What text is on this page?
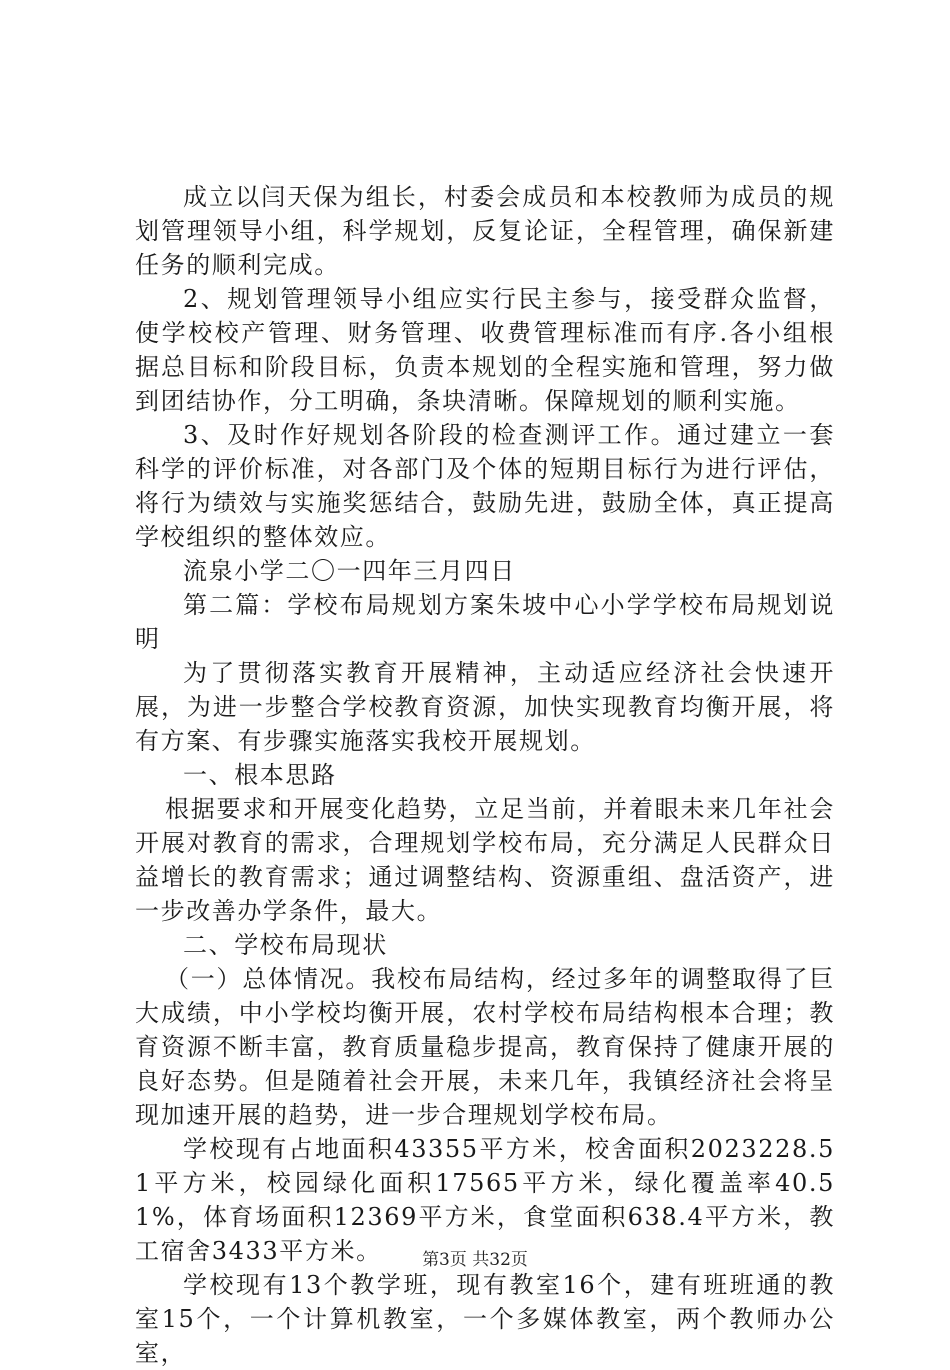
成立以闫天保为组长，村委会成员和本校教师为成员的规划管理领导小组，科学规划，反复论证，全程管理，确保新建任务的顺利完成。

2、规划管理领导小组应实行民主参与，接受群众监督，使学校校产管理、财务管理、收费管理标准而有序.各小组根据总目标和阶段目标，负责本规划的全程实施和管理，努力做到团结协作，分工明确，条块清晰。保障规划的顺利实施。

3、及时作好规划各阶段的检查测评工作。通过建立一套科学的评价标准，对各部门及个体的短期目标行为进行评估，将行为绩效与实施奖惩结合，鼓励先进，鼓励全体，真正提高学校组织的整体效应。

流泉小学二〇一四年三月四日

第二篇：学校布局规划方案朱坡中心小学学校布局规划说明

为了贯彻落实教育开展精神，主动适应经济社会快速开展，为进一步整合学校教育资源，加快实现教育均衡开展，将有方案、有步骤实施落实我校开展规划。

一、根本思路

根据要求和开展变化趋势，立足当前，并着眼未来几年社会开展对教育的需求，合理规划学校布局，充分满足人民群众日益增长的教育需求；通过调整结构、资源重组、盘活资产，进一步改善办学条件，最大。

二、学校布局现状

（一）总体情况。我校布局结构，经过多年的调整取得了巨大成绩，中小学校均衡开展，农村学校布局结构根本合理；教育资源不断丰富，教育质量稳步提高，教育保持了健康开展的良好态势。但是随着社会开展，未来几年，我镇经济社会将呈现加速开展的趋势，进一步合理规划学校布局。

学校现有占地面积43355平方米，校舍面积2023228.51平方米，校园绿化面积17565平方米，绿化覆盖率40.51%，体育场面积12369平方米，食堂面积638.4平方米，教工宿舍3433平方米。

学校现有13个教学班，现有教室16个，建有班班通的教室15个，一个计算机教室，一个多媒体教室，两个教师办公室，

第3页 共32页
